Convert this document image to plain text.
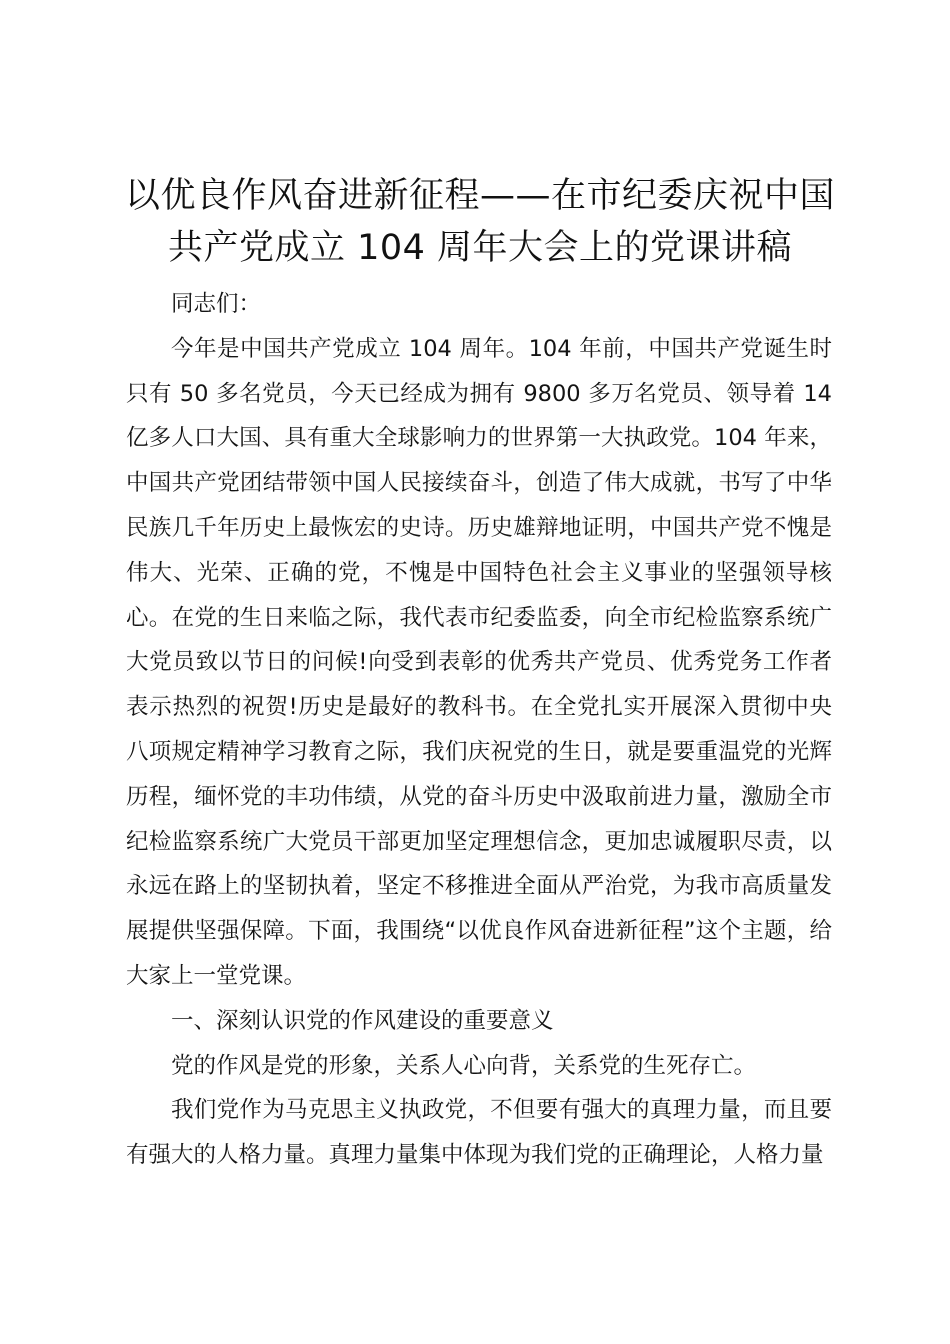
以优良作风奋进新征程——在市纪委庆祝中国
共产党成立 104 周年大会上的党课讲稿

同志们：

今年是中国共产党成立 104 周年。104 年前，中国共产党诞生时只有 50 多名党员，今天已经成为拥有 9800 多万名党员、领导着 14 亿多人口大国、具有重大全球影响力的世界第一大执政党。104 年来，中国共产党团结带领中国人民接续奋斗，创造了伟大成就，书写了中华民族几千年历史上最恢宏的史诗。历史雄辩地证明，中国共产党不愧是伟大、光荣、正确的党，不愧是中国特色社会主义事业的坚强领导核心。在党的生日来临之际，我代表市纪委监委，向全市纪检监察系统广大党员致以节日的问候!向受到表彰的优秀共产党员、优秀党务工作者表示热烈的祝贺!历史是最好的教科书。在全党扎实开展深入贯彻中央八项规定精神学习教育之际，我们庆祝党的生日，就是要重温党的光辉历程，缅怀党的丰功伟绩，从党的奋斗历史中汲取前进力量，激励全市纪检监察系统广大党员干部更加坚定理想信念，更加忠诚履职尽责，以永远在路上的坚韧执着，坚定不移推进全面从严治党，为我市高质量发展提供坚强保障。下面，我围绕“以优良作风奋进新征程”这个主题，给大家上一堂党课。

一、深刻认识党的作风建设的重要意义

党的作风是党的形象，关系人心向背，关系党的生死存亡。

我们党作为马克思主义执政党，不但要有强大的真理力量，而且要有强大的人格力量。真理力量集中体现为我们党的正确理论，人格力量
